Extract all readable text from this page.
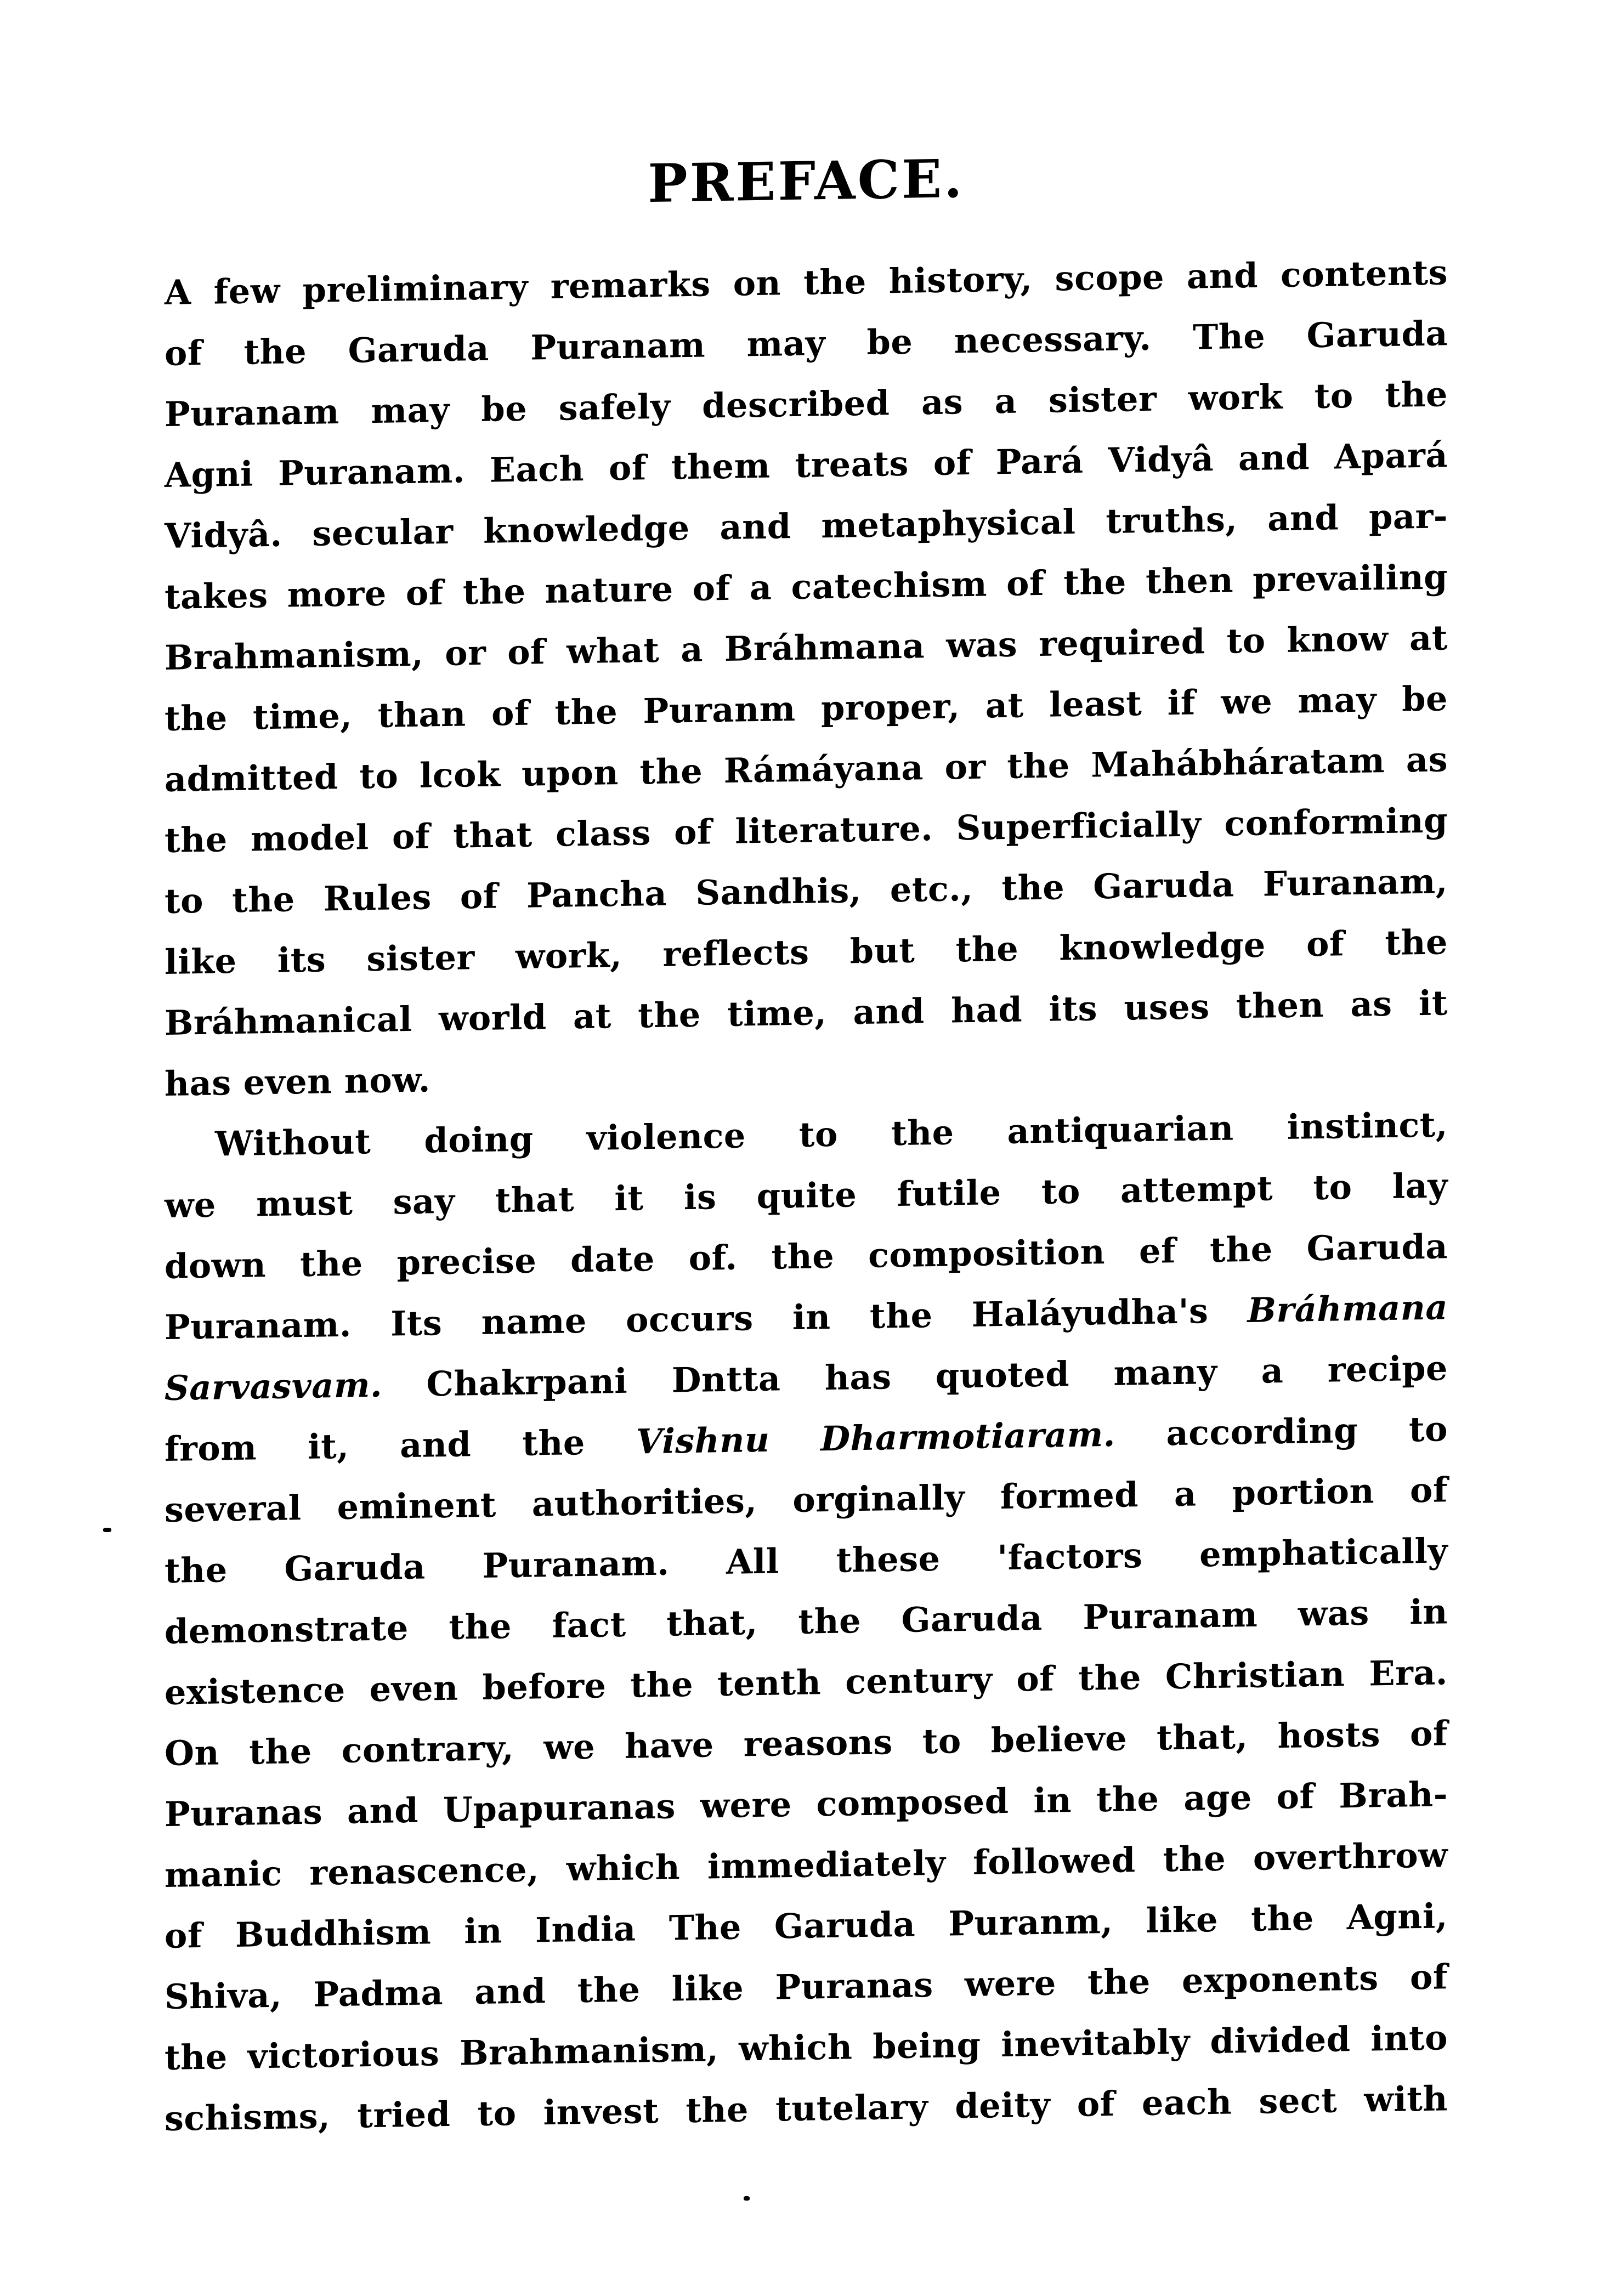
PREFACE.
A few preliminary remarks on the history, scope and contents
of the Garuda Puranam may be necessary. The Garuda
Puranam may be safely described as a sister work to the
Agni Puranam. Each of them treats of Pará Vidyâ and Apará
Vidyâ. secular knowledge and metaphysical truths, and par-
takes more of the nature of a catechism of the then prevailing
Brahmanism, or of what a Bráhmana was required to know at
the time, than of the Puranm proper, at least if we may be
admitted to lcok upon the Rámáyana or the Mahábháratam as
the model of that class of literature. Superficially conforming
to the Rules of Pancha Sandhis, etc., the Garuda Furanam,
like its sister work, reflects but the knowledge of the
Bráhmanical world at the time, and had its uses then as it
has even now.
Without doing violence to the antiquarian instinct,
we must say that it is quite futile to attempt to lay
down the precise date of. the composition ef the Garuda
Puranam. Its name occurs in the Haláyudha's Bráhmana
Sarvasvam. Chakrpani Dntta has quoted many a recipe
from it, and the Vishnu Dharmotiaram. according to
several eminent authorities, orginally formed a portion of
the Garuda Puranam. All these 'factors emphatically
demonstrate the fact that, the Garuda Puranam was in
existence even before the tenth century of the Christian Era.
On the contrary, we have reasons to believe that, hosts of
Puranas and Upapuranas were composed in the age of Brah-
manic renascence, which immediately followed the overthrow
of Buddhism in India The Garuda Puranm, like the Agni,
Shiva, Padma and the like Puranas were the exponents of
the victorious Brahmanism, which being inevitably divided into
schisms, tried to invest the tutelary deity of each sect with
